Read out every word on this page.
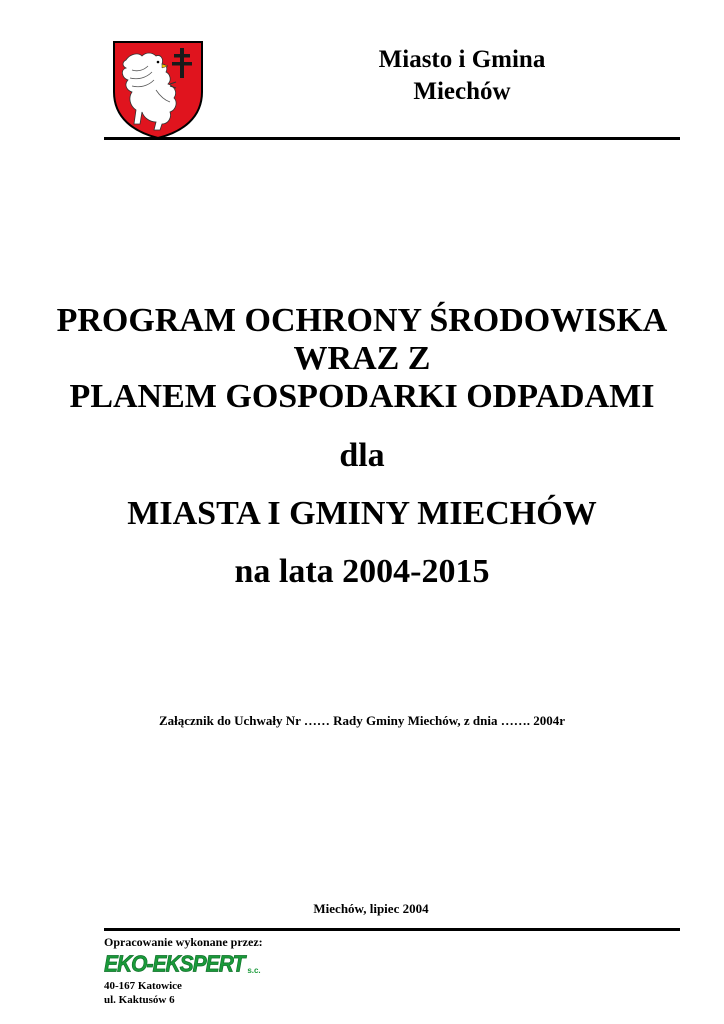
Miasto i Gmina
Miechów
PROGRAM OCHRONY ŚRODOWISKA
WRAZ Z
PLANEM GOSPODARKI ODPADAMI
dla
MIASTA I GMINY MIECHÓW
na lata 2004-2015
Załącznik do Uchwały Nr …… Rady Gminy Miechów, z dnia ……. 2004r
Miechów, lipiec 2004
Opracowanie wykonane przez:
EKO-EKSPERT s.c.
40-167 Katowice
ul. Kaktusów 6
